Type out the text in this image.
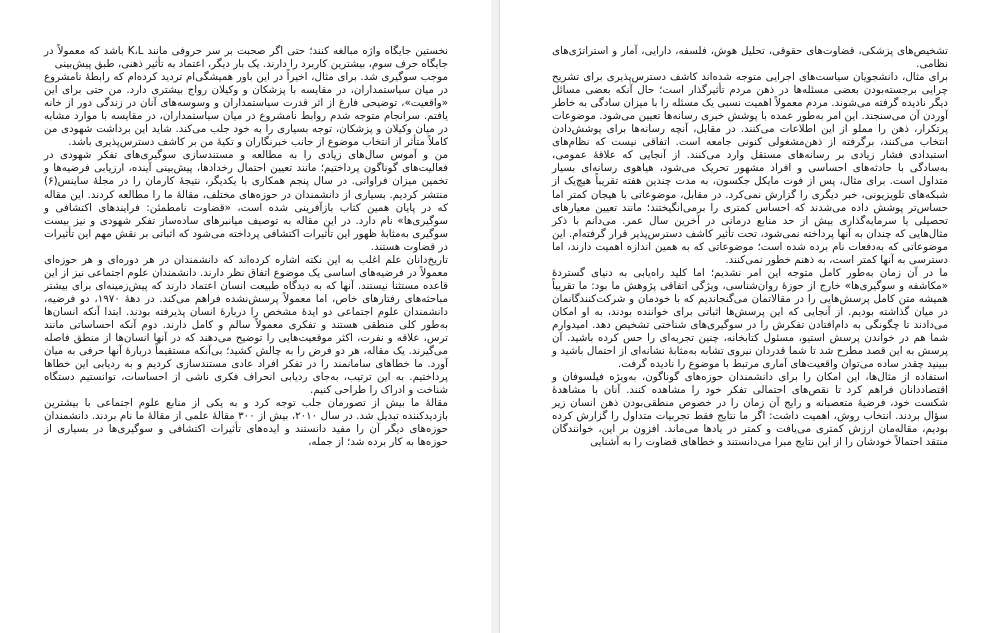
نخستین جایگاه واژه مبالغه کنند؛ حتی اگر صحبت بر سر حروفی مانند K،L باشد که معمولاً در جایگاه حرف سوم، بیشترین کاربرد را دارند. یک بار دیگر، اعتماد به تأثیر ذهنی، طبق پیش‌بینی

موجب سوگیری شد. برای مثال، اخیراً در این باور همیشگی‌ام تردید کرده‌ام که رابطهٔ نامشروع در میان سیاستمداران، در مقایسه با پزشکان و وکیلان رواج بیشتری دارد. من حتی برای این «واقعیت»، توضیحی فارغ از اثر قدرت سیاستمداران و وسوسه‌های آنان در زندگی دور از خانه یافتم. سرانجام متوجه شدم روابط نامشروع در میان سیاستمداران، در مقایسه با موارد مشابه در میان وکیلان و پزشکان، توجه بسیاری را به خود جلب می‌کند. شاید این برداشت شهودی من کاملاً متأثر از انتخاب موضوع از جانب خبرنگاران و تکیهٔ من بر کاشف دسترس‌پذیری باشد.

من و آموس سال‌های زیادی را به مطالعه و مستندسازی سوگیری‌های تفکر شهودی در فعالیت‌های گوناگون پرداختیم؛ مانند تعیین احتمال رخدادها، پیش‌بینی آینده، ارزیابی فرضیه‌ها و تخمین میزان فراوانی. در سال پنجم همکاری با یکدیگر، نتیجهٔ کارمان را در مجلهٔ ساینس(۶) منتشر کردیم. بسیاری از دانشمندان در حوزه‌های مختلف، مقالهٔ ما را مطالعه کردند. این مقاله که در پایان همین کتاب بازآفرینی شده است، «قضاوت نامطمئن: فرایندهای اکتشافی و سوگیری‌ها» نام دارد. در این مقاله به توصیف میانبرهای ساده‌ساز تفکر شهودی و نیز بیست سوگیری به‌مثابهٔ ظهور این تأثیرات اکتشافی پرداخته می‌شود که اثباتی بر نقش مهم این تأثیرات در قضاوت هستند.

تاریخ‌دانان علم اغلب به این نکته اشاره کرده‌اند که دانشمندان در هر دوره‌ای و هر حوزه‌ای معمولاً در فرضیه‌های اساسی یک موضوع اتفاق نظر دارند. دانشمندان علوم اجتماعی نیز از این قاعده مستثنا نیستند. آنها که به دیدگاه طبیعت انسان اعتماد دارند که پیش‌زمینه‌ای برای بیشتر مباحثه‌های رفتارهای خاص، اما معمولاً پرسش‌نشده فراهم می‌کند. در دههٔ ۱۹۷۰، دو فرضیه، دانشمندان علوم اجتماعی دو ایدهٔ مشخص را دربارهٔ انسان پذیرفته بودند. ابتدا آنکه انسان‌ها به‌طور کلی منطقی هستند و تفکری معمولاً سالم و کامل دارند. دوم آنکه احساساتی مانند ترس، علاقه و نفرت، اکثر موقعیت‌هایی را توضیح می‌دهند که در آنها انسان‌ها از منطق فاصله می‌گیرند. یک مقاله، هر دو فرض را به چالش کشید؛ بی‌آنکه مستقیماً دربارهٔ آنها حرفی به میان آورد. ما خطاهای سامانمند را در تفکر افراد عادی مستندسازی کردیم و به ردیابی این خطاها پرداختیم. به این ترتیب، به‌جای ردیابی انحراف فکری ناشی از احساسات، توانستیم دستگاه شناخت و ادراک را طراحی کنیم.

مقالهٔ ما بیش از تصورمان جلب توجه کرد و به یکی از منابع علوم اجتماعی با بیشترین بازدیدکننده تبدیل شد. در سال ۲۰۱۰، بیش از ۳۰۰ مقالهٔ علمی از مقالهٔ ما نام بردند. دانشمندان حوزه‌های دیگر آن را مفید دانستند و ایده‌های تأثیرات اکتشافی و سوگیری‌ها در بسیاری از حوزه‌ها به کار برده شد؛ از جمله،

تشخیص‌های پزشکی، قضاوت‌های حقوقی، تحلیل هوش، فلسفه، دارایی، آمار و استراتژی‌های نظامی.

برای مثال، دانشجویان سیاست‌های اجرایی متوجه شده‌اند کاشف دسترس‌پذیری برای تشریح چرایی برجسته‌بودن بعضی مسئله‌ها در ذهن مردم تأثیرگذار است؛ حال آنکه بعضی مسائل دیگر نادیده گرفته می‌شوند. مردم معمولاً اهمیت نسبی یک مسئله را با میزان سادگی به خاطر آوردن آن می‌سنجند. این امر به‌طور عمده با پوشش خبری رسانه‌ها تعیین می‌شود. موضوعات پرتکرار، ذهن را مملو از این اطلاعات می‌کنند. در مقابل، آنچه رسانه‌ها برای پوشش‌دادن انتخاب می‌کنند، برگرفته از ذهن‌مشغولی کنونی جامعه است. اتفاقی نیست که نظام‌های استبدادی فشار زیادی بر رسانه‌های مستقل وارد می‌کنند. از آنجایی که علاقهٔ عمومی، به‌سادگی با حادثه‌های احساسی و افراد مشهور تحریک می‌شود، هیاهوی رسانه‌ای بسیار متداول است. برای مثال، پس از فوت مایکل جکسون، به مدت چندین هفته تقریباً هیچ‌یک از شبکه‌های تلویزیونی، خبر دیگری را گزارش نمی‌کرد. در مقابل، موضوعاتی با هیجان کمتر اما حساس‌تر پوشش داده می‌شدند که احساس کمتری را برمی‌انگیختند؛ مانند تعیین معیارهای تحصیلی یا سرمایه‌گذاری بیش از حد منابع درمانی در آخرین سال عمر. می‌دانم با ذکر مثال‌هایی که چندان به آنها پرداخته نمی‌شود، تحت تأثیر کاشف دسترس‌پذیر قرار گرفته‌ام. این موضوعاتی که به‌دفعات نام برده شده است؛ موضوعاتی که به همین اندازه اهمیت دارند، اما دسترسی به آنها کمتر است، به ذهنم خطور نمی‌کنند.

ما در آن زمان به‌طور کامل متوجه این امر نشدیم؛ اما کلید راه‌یابی به دنیای گستردهٔ «مکاشفه و سوگیری‌ها» خارج از حوزهٔ روان‌شناسی، ویژگی اتفاقی پژوهش ما بود: ما تقریباً همیشه متن کامل پرسش‌هایی را در مقالاتمان می‌گنجاندیم که با خودمان و شرکت‌کنندگانمان در میان گذاشته بودیم. از آنجایی که این پرسش‌ها اثباتی برای خواننده بودند، به او امکان می‌دادند تا چگونگی به دام‌افتادن تفکرش را در سوگیری‌های شناختی تشخیص دهد. امیدوارم شما هم در خواندن پرسش استیو، مسئول کتابخانه، چنین تجربه‌ای را حس کرده باشید. آن پرسش به این قصد مطرح شد تا شما قدردان نیروی تشابه به‌مثابهٔ نشانه‌ای از احتمال باشید و ببینید چقدر ساده می‌توان واقعیت‌های آماری مرتبط با موضوع را نادیده گرفت.

استفاده از مثال‌ها، این امکان را برای دانشمندان حوزه‌های گوناگون، به‌ویژه فیلسوفان و اقتصاددانان فراهم کرد تا نقص‌های احتمالی تفکر خود را مشاهده کنند. آنان با مشاهدهٔ شکست خود، فرضیهٔ متعصبانه و رایج آن زمان را در خصوص منطقی‌بودن ذهن انسان زیر سؤال بردند. انتخاب روش، اهمیت داشت: اگر ما نتایج فقط تجربیات متداول را گزارش کرده بودیم، مقاله‌مان ارزش کمتری می‌یافت و کمتر در یادها می‌ماند. افزون بر این، خوانندگان منتقد احتمالاً خودشان را از این نتایج مبرا می‌دانستند و خطاهای قضاوت را به آشنایی
